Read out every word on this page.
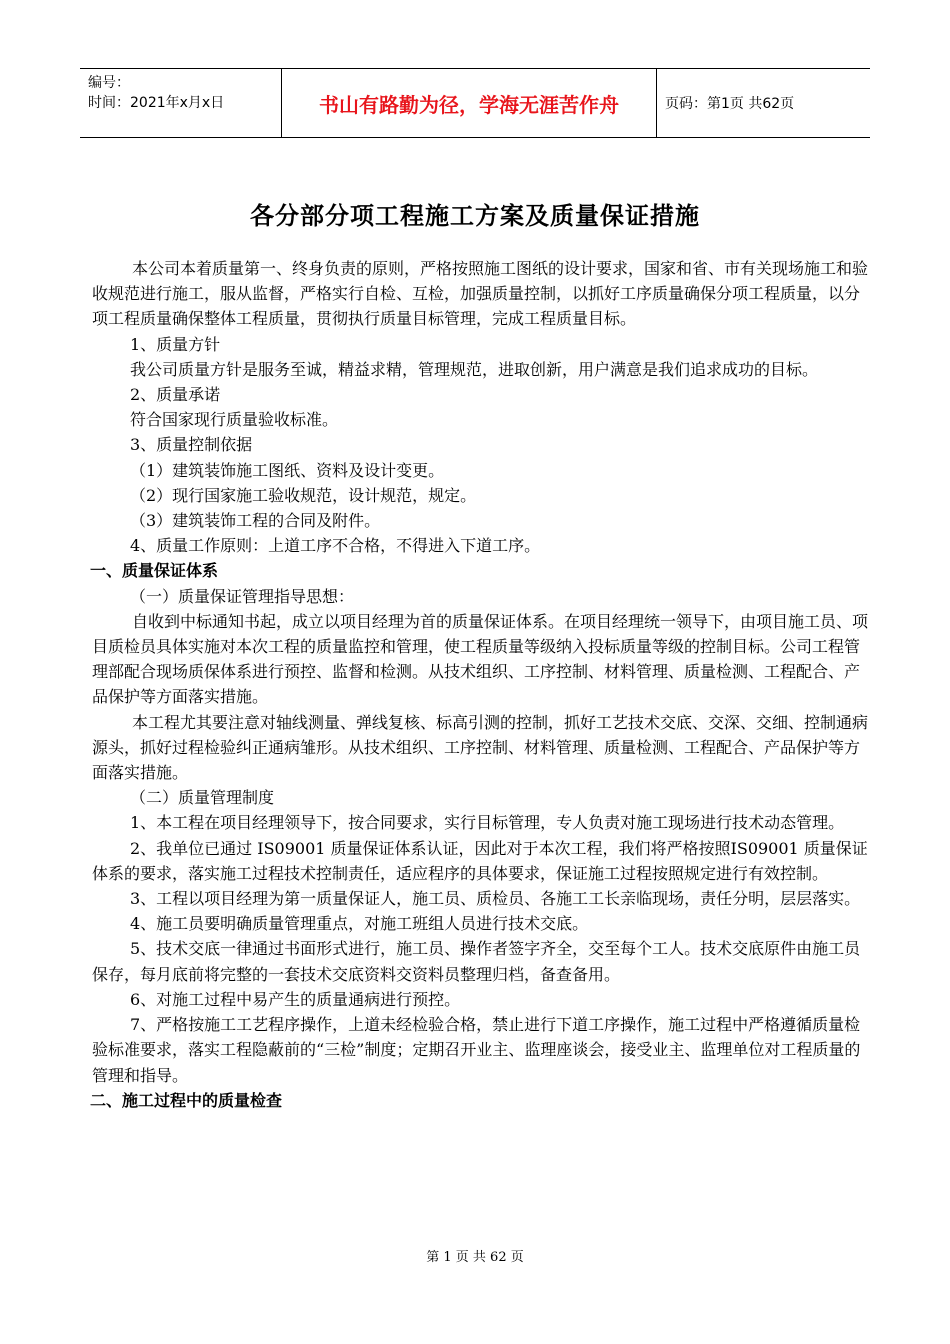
编号：
时间：2021年x月x日	书山有路勤为径，学海无涯苦作舟	页码：第1页 共62页
各分部分项工程施工方案及质量保证措施

本公司本着质量第一、终身负责的原则，严格按照施工图纸的设计要求，国家和省、市有关现场施工和验收规范进行施工，服从监督，严格实行自检、互检，加强质量控制，以抓好工序质量确保分项工程质量，以分项工程质量确保整体工程质量，贯彻执行质量目标管理，完成工程质量目标。

1、质量方针

我公司质量方针是服务至诚，精益求精，管理规范，进取创新，用户满意是我们追求成功的目标。

2、质量承诺

符合国家现行质量验收标准。

3、质量控制依据

（1）建筑装饰施工图纸、资料及设计变更。

（2）现行国家施工验收规范，设计规范，规定。

（3）建筑装饰工程的合同及附件。

4、质量工作原则：上道工序不合格，不得进入下道工序。

一、质量保证体系

（一）质量保证管理指导思想：

自收到中标通知书起，成立以项目经理为首的质量保证体系。在项目经理统一领导下，由项目施工员、项目质检员具体实施对本次工程的质量监控和管理，使工程质量等级纳入投标质量等级的控制目标。公司工程管理部配合现场质保体系进行预控、监督和检测。从技术组织、工序控制、材料管理、质量检测、工程配合、产品保护等方面落实措施。

本工程尤其要注意对轴线测量、弹线复核、标高引测的控制，抓好工艺技术交底、交深、交细、控制通病源头，抓好过程检验纠正通病雏形。从技术组织、工序控制、材料管理、质量检测、工程配合、产品保护等方面落实措施。

（二）质量管理制度

1、本工程在项目经理领导下，按合同要求，实行目标管理，专人负责对施工现场进行技术动态管理。

2、我单位已通过 IS09001 质量保证体系认证，因此对于本次工程，我们将严格按照IS09001 质量保证体系的要求，落实施工过程技术控制责任，适应程序的具体要求，保证施工过程按照规定进行有效控制。

3、工程以项目经理为第一质量保证人，施工员、质检员、各施工工长亲临现场，责任分明，层层落实。

4、施工员要明确质量管理重点，对施工班组人员进行技术交底。

5、技术交底一律通过书面形式进行，施工员、操作者签字齐全，交至每个工人。技术交底原件由施工员保存，每月底前将完整的一套技术交底资料交资料员整理归档，备查备用。

6、对施工过程中易产生的质量通病进行预控。

7、严格按施工工艺程序操作，上道未经检验合格，禁止进行下道工序操作，施工过程中严格遵循质量检验标准要求，落实工程隐蔽前的“三检”制度；定期召开业主、监理座谈会，接受业主、监理单位对工程质量的管理和指导。

二、施工过程中的质量检查

第 1 页 共 62 页
